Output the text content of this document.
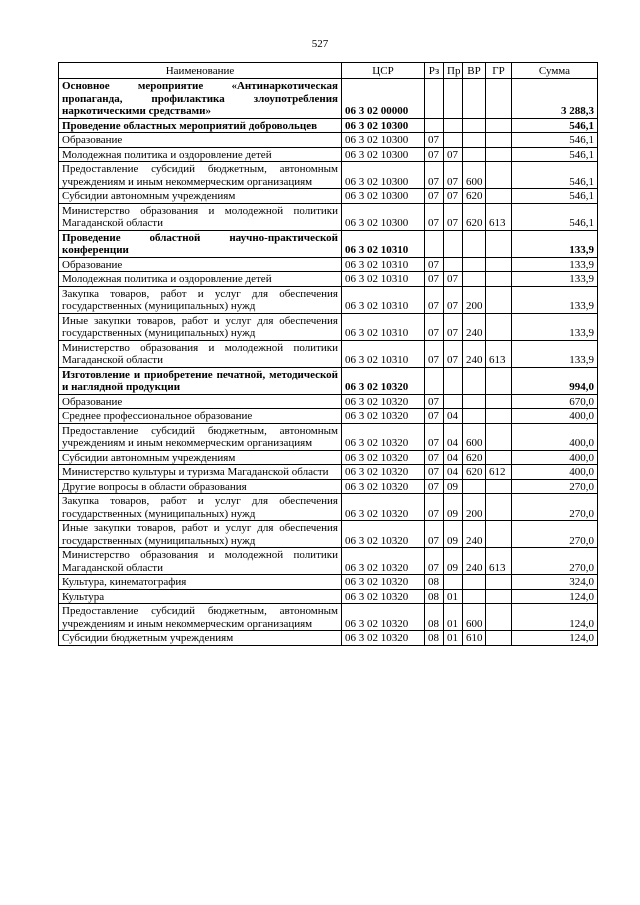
527
Наименование	ЦСР	Рз	Пр	ВР	ГР	Сумма
Основное мероприятие «Антинаркотическая пропаганда, профилактика злоупотребления наркотическими средствами»	06 3 02 00000					3 288,3
Проведение областных мероприятий добровольцев	06 3 02 10300					546,1
Образование	06 3 02 10300	07				546,1
Молодежная политика и оздоровление детей	06 3 02 10300	07	07			546,1
Предоставление субсидий бюджетным, автономным учреждениям и иным некоммерческим организациям	06 3 02 10300	07	07	600		546,1
Субсидии автономным учреждениям	06 3 02 10300	07	07	620		546,1
Министерство образования и молодежной политики Магаданской области	06 3 02 10300	07	07	620	613	546,1
Проведение областной научно-практической конференции	06 3 02 10310					133,9
Образование	06 3 02 10310	07				133,9
Молодежная политика и оздоровление детей	06 3 02 10310	07	07			133,9
Закупка товаров, работ и услуг для обеспечения государственных (муниципальных) нужд	06 3 02 10310	07	07	200		133,9
Иные закупки товаров, работ и услуг для обеспечения государственных (муниципальных) нужд	06 3 02 10310	07	07	240		133,9
Министерство образования и молодежной политики Магаданской области	06 3 02 10310	07	07	240	613	133,9
Изготовление и приобретение печатной, методической и наглядной продукции	06 3 02 10320					994,0
Образование	06 3 02 10320	07				670,0
Среднее профессиональное образование	06 3 02 10320	07	04			400,0
Предоставление субсидий бюджетным, автономным учреждениям и иным некоммерческим организациям	06 3 02 10320	07	04	600		400,0
Субсидии автономным учреждениям	06 3 02 10320	07	04	620		400,0
Министерство культуры и туризма Магаданской области	06 3 02 10320	07	04	620	612	400,0
Другие вопросы в области образования	06 3 02 10320	07	09			270,0
Закупка товаров, работ и услуг для обеспечения государственных (муниципальных) нужд	06 3 02 10320	07	09	200		270,0
Иные закупки товаров, работ и услуг для обеспечения государственных (муниципальных) нужд	06 3 02 10320	07	09	240		270,0
Министерство образования и молодежной политики Магаданской области	06 3 02 10320	07	09	240	613	270,0
Культура, кинематография	06 3 02 10320	08				324,0
Культура	06 3 02 10320	08	01			124,0
Предоставление субсидий бюджетным, автономным учреждениям и иным некоммерческим организациям	06 3 02 10320	08	01	600		124,0
Субсидии бюджетным учреждениям	06 3 02 10320	08	01	610		124,0
